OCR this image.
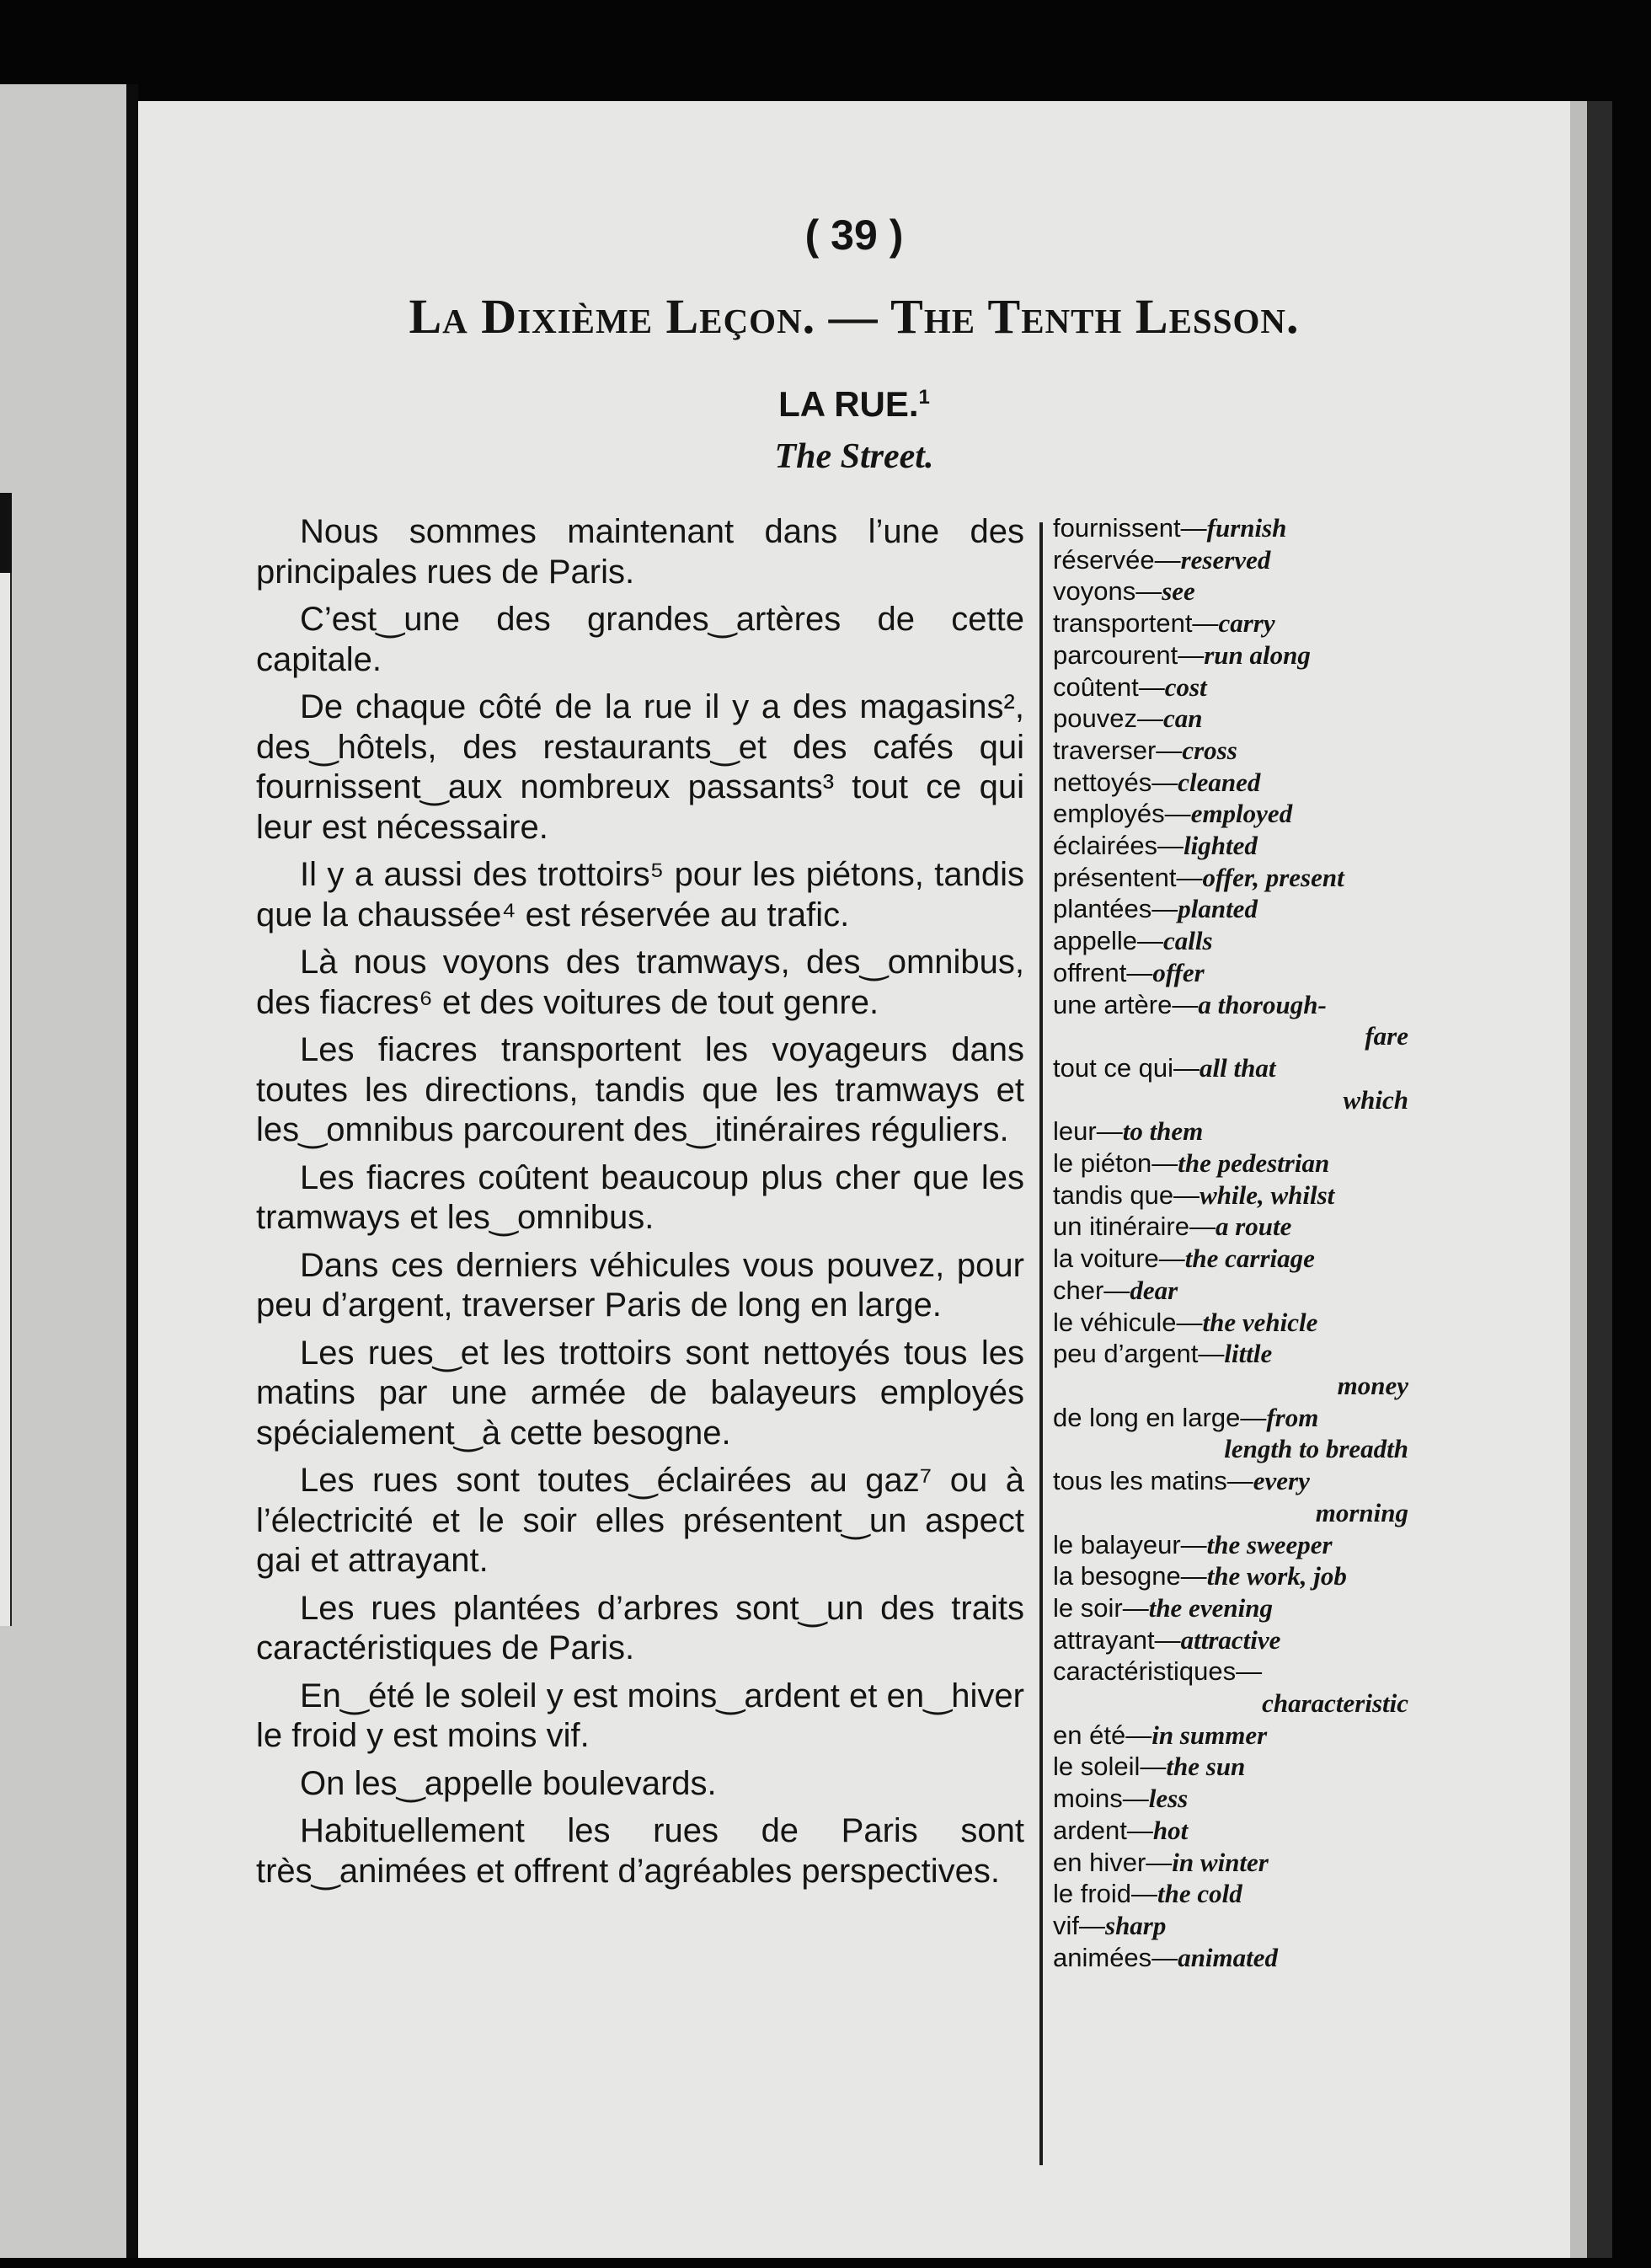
( 39 )
La Dixième Leçon. — The Tenth Lesson.
LA RUE.$^1$
The Street.

Nous sommes maintenant dans l’une des principales rues de Paris.

C’est‿une des grandes‿artères de cette capitale.

De chaque côté de la rue il y a des magasins², des‿hôtels, des restaurants‿et des cafés qui fournissent‿aux nombreux passants³ tout ce qui leur est nécessaire.

Il y a aussi des trottoirs⁵ pour les piétons, tandis que la chaussée⁴ est réservée au trafic.

Là nous voyons des tramways, des‿omnibus, des fiacres⁶ et des voitures de tout genre.

Les fiacres transportent les voyageurs dans toutes les directions, tandis que les tramways et les‿omnibus parcourent des‿itinéraires réguliers.

Les fiacres coûtent beaucoup plus cher que les tramways et les‿omnibus.

Dans ces derniers véhicules vous pouvez, pour peu d’argent, traverser Paris de long en large.

Les rues‿et les trottoirs sont nettoyés tous les matins par une armée de balayeurs employés spécialement‿à cette besogne.

Les rues sont toutes‿éclairées au gaz⁷ ou à l’électricité et le soir elles présentent‿un aspect gai et attrayant.

Les rues plantées d’arbres sont‿un des traits caractéristiques de Paris.

En‿été le soleil y est moins‿ardent et en‿hiver le froid y est moins vif.

On les‿appelle boulevards.

Habituellement les rues de Paris sont très‿animées et offrent d’agréables perspectives.

fournissent—furnish
réservée—reserved
voyons—see
transportent—carry
parcourent—run along
coûtent—cost
pouvez—can
traverser—cross
nettoyés—cleaned
employés—employed
éclairées—lighted
présentent—offer, present
plantées—planted
appelle—calls
offrent—offer
une artère—a thorough-
fare
tout ce qui—all that
which
leur—to them
le piéton—the pedestrian
tandis que—while, whilst
un itinéraire—a route
la voiture—the carriage
cher—dear
le véhicule—the vehicle
peu d’argent—little
money
de long en large—from
length to breadth
tous les matins—every
morning
le balayeur—the sweeper
la besogne—the work, job
le soir—the evening
attrayant—attractive
caractéristiques—
characteristic
en été—in summer
le soleil—the sun
moins—less
ardent—hot
en hiver—in winter
le froid—the cold
vif—sharp
animées—animated
